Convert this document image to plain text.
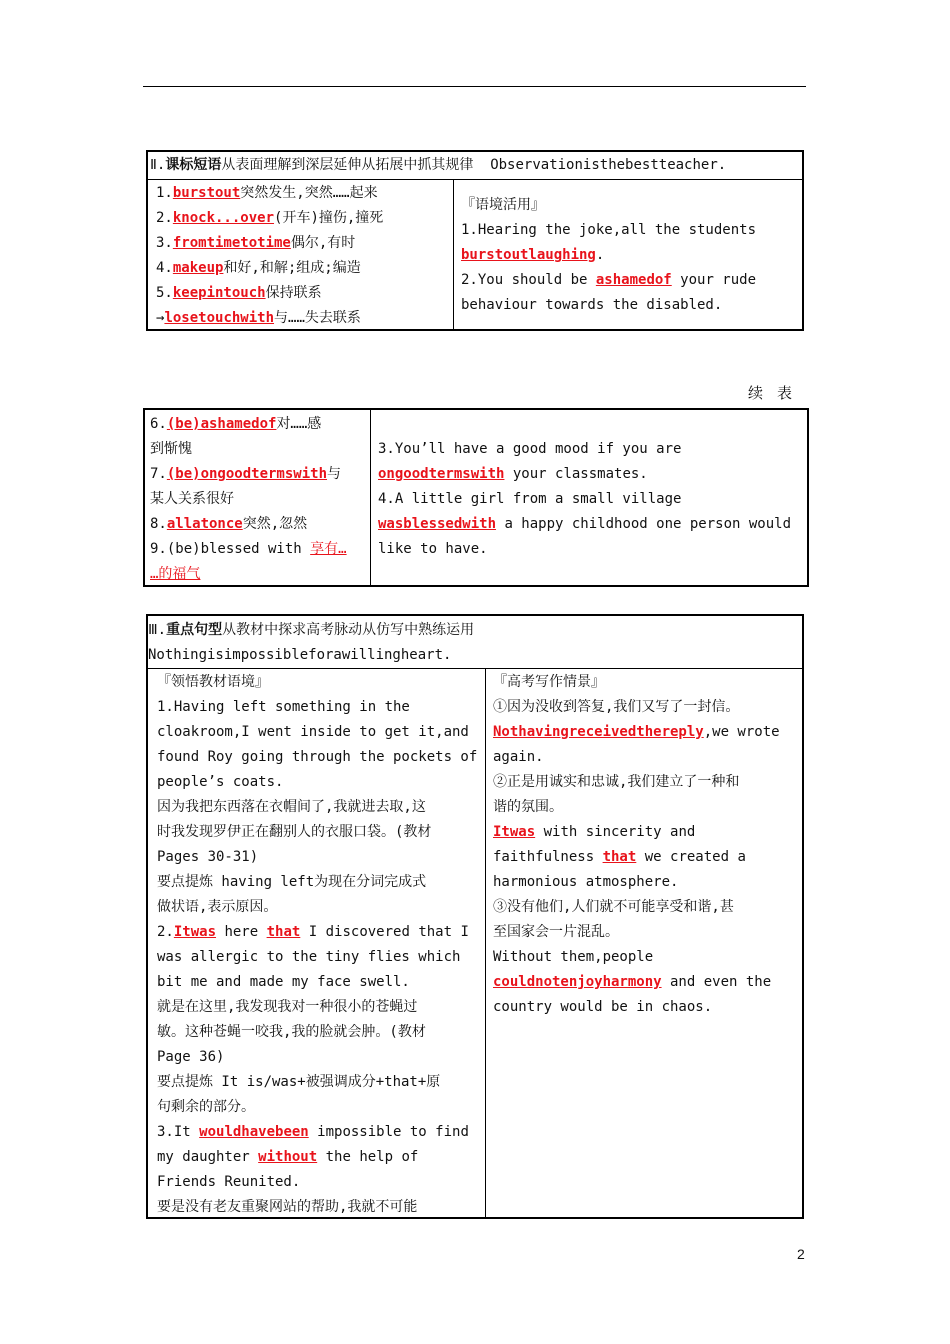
Ⅱ.课标短语从表面理解到深层延伸从拓展中抓其规律 Observationisthebestteacher.
1.burstout突然发生,突然……起来
2.knock...over(开车)撞伤,撞死
3.fromtimetotime偶尔,有时
4.makeup和好,和解;组成;编造
5.keepintouch保持联系
→losetouchwith与……失去联系
『语境活用』
1.Hearing the joke,all the students
burstoutlaughing.
2.You should be ashamedof your rude
behaviour towards the disabled.
续表
6.(be)ashamedof对……感
到惭愧
7.(be)ongoodtermswith与
某人关系很好
8.allatonce突然,忽然
9.(be)blessed with 享有…
…的福气
3.You’ll have a good mood if you are
ongoodtermswith your classmates.
4.A little girl from a small village
wasblessedwith a happy childhood one person would
like to have.
Ⅲ.重点句型从教材中探求高考脉动从仿写中熟练运用
Nothingisimpossibleforawillingheart.
『领悟教材语境』
1.Having left something in the
cloakroom,I went inside to get it,and
found Roy going through the pockets of
people’s coats.
因为我把东西落在衣帽间了,我就进去取,这
时我发现罗伊正在翻别人的衣服口袋。(教材
Pages 30-31)
要点提炼 having left为现在分词完成式
做状语,表示原因。
2.Itwas here that I discovered that I
was allergic to the tiny flies which
bit me and made my face swell.
就是在这里,我发现我对一种很小的苍蝇过
敏。这种苍蝇一咬我,我的脸就会肿。(教材
Page 36)
要点提炼 It is/was+被强调成分+that+原
句剩余的部分。
3.It wouldhavebeen impossible to find
my daughter without the help of
Friends Reunited.
要是没有老友重聚网站的帮助,我就不可能
『高考写作情景』
①因为没收到答复,我们又写了一封信。
Nothavingreceivedthereply,we wrote
again.
②正是用诚实和忠诚,我们建立了一种和
谐的氛围。
Itwas with sincerity and
faithfulness that we created a
harmonious atmosphere.
③没有他们,人们就不可能享受和谐,甚
至国家会一片混乱。
Without them,people
couldnotenjoyharmony and even the
country would be in chaos.
2
